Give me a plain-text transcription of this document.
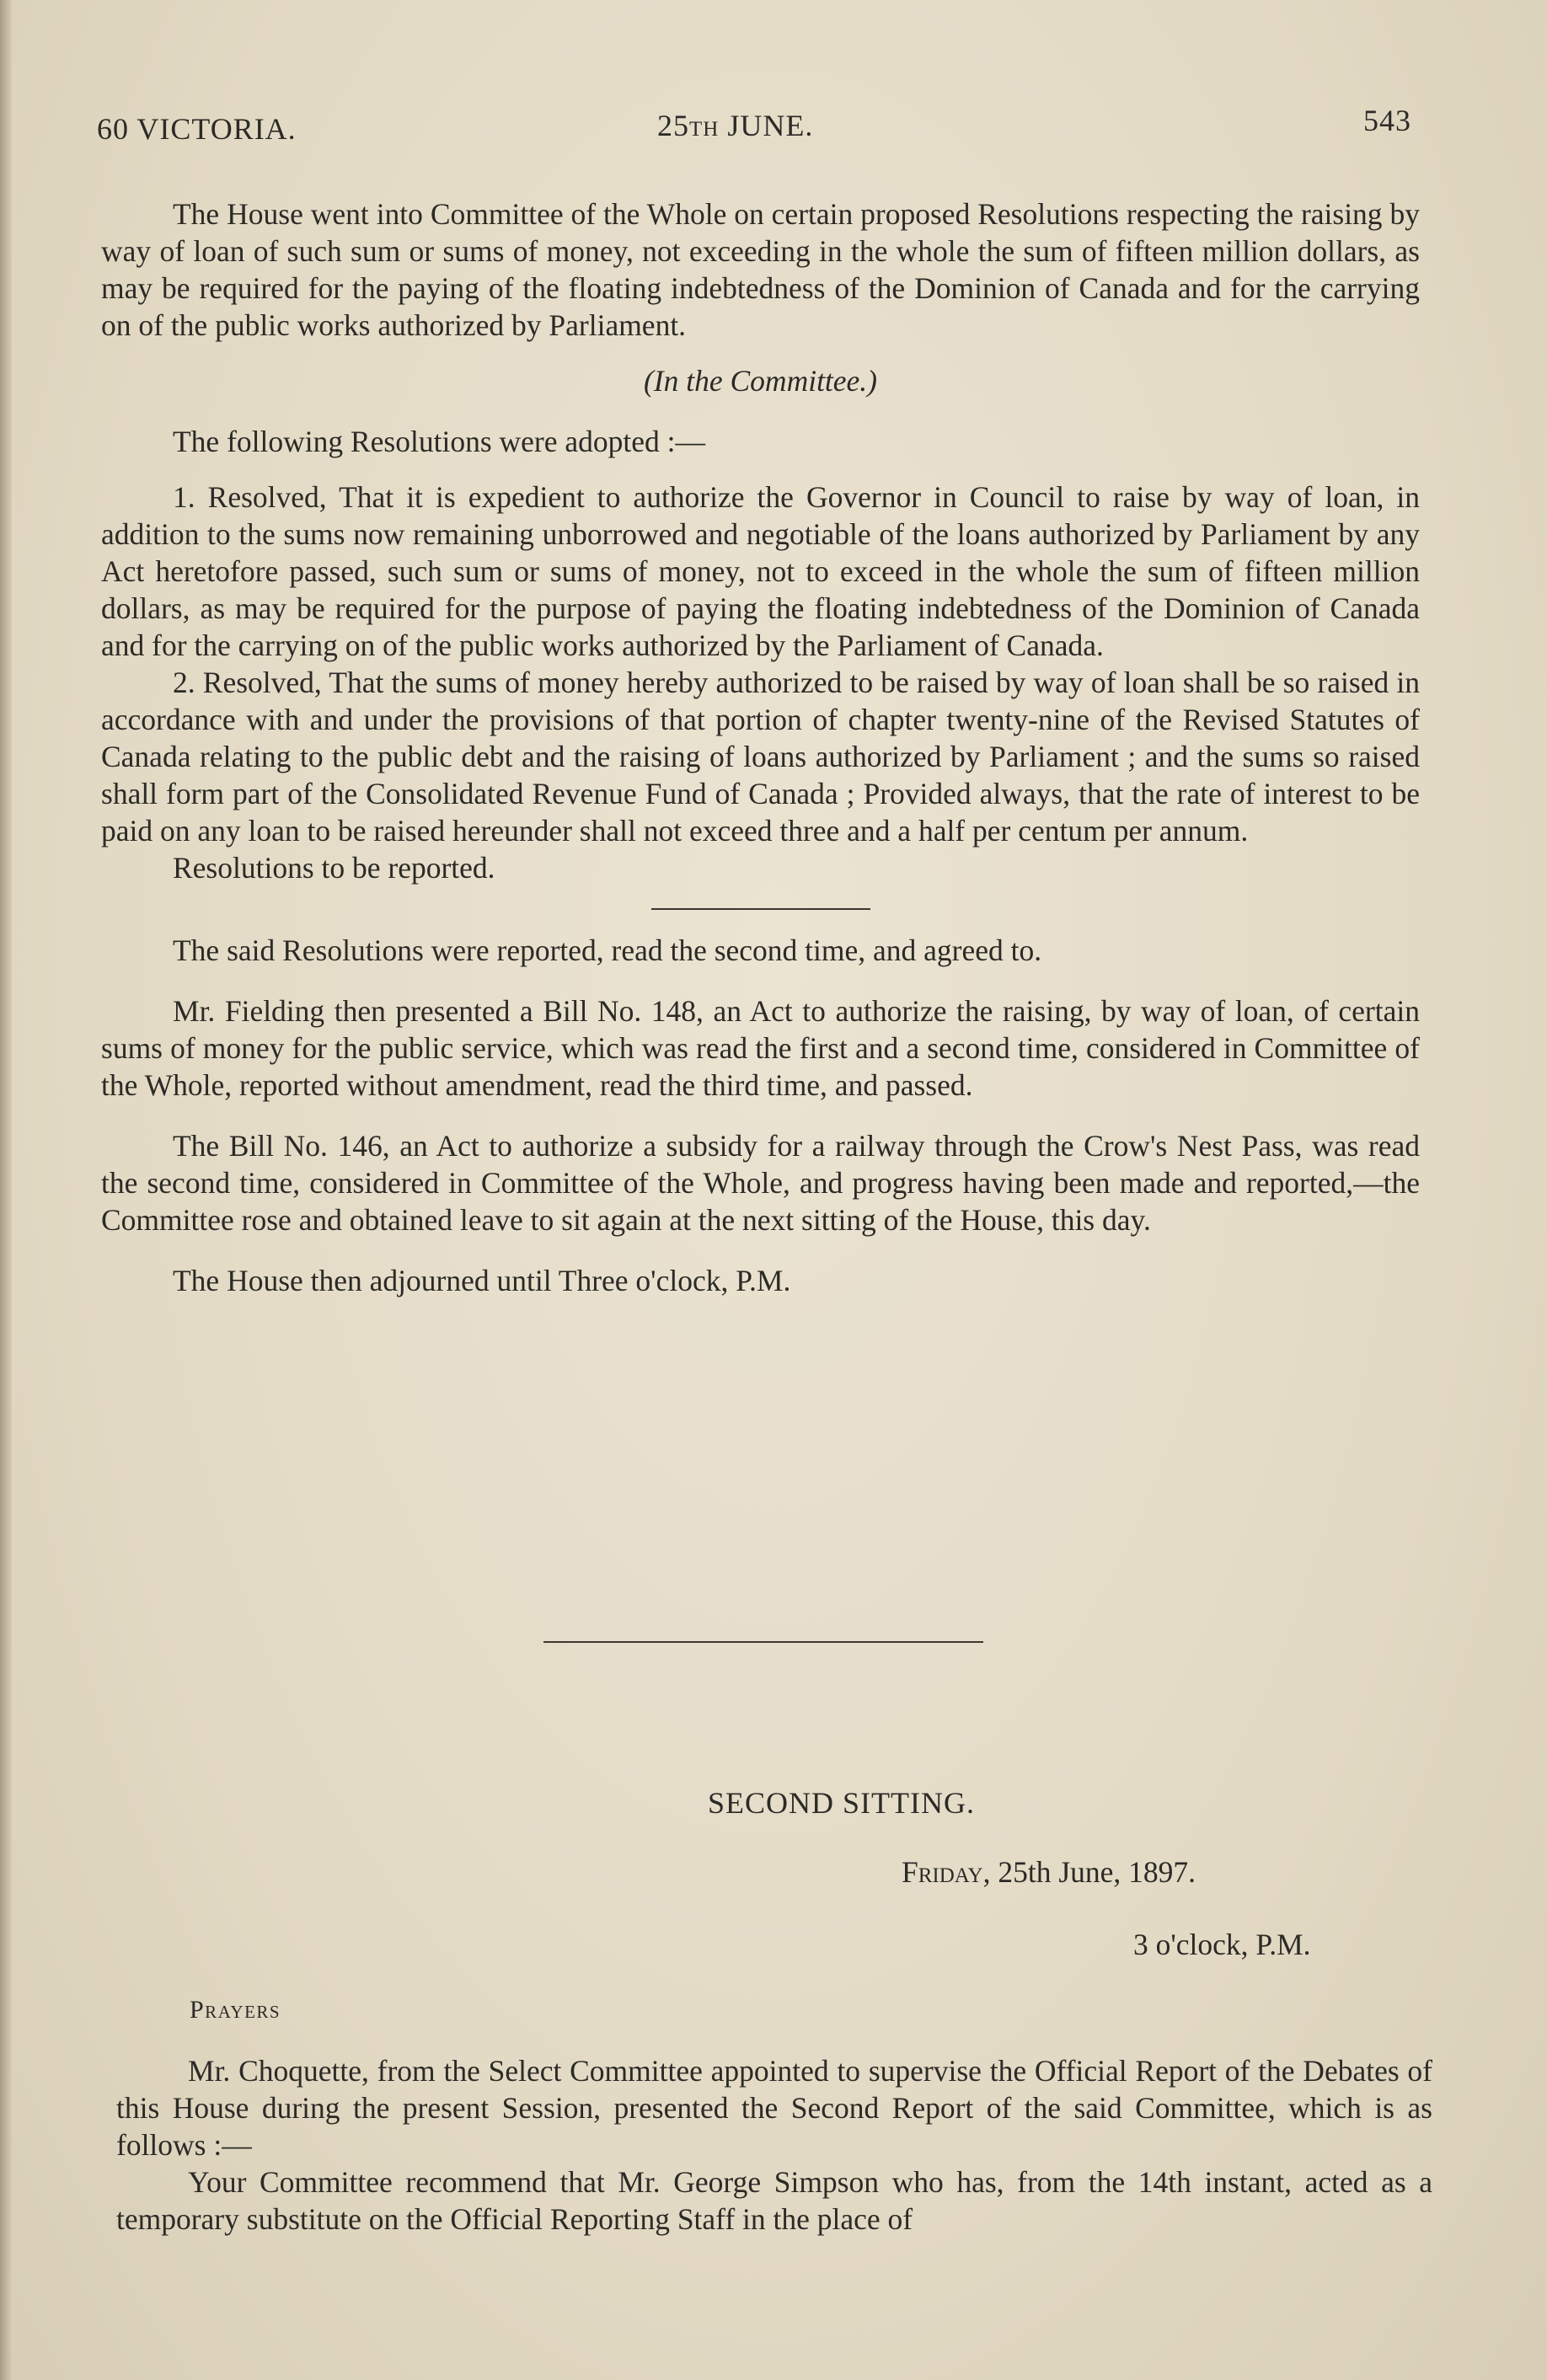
60 VICTORIA.	25th JUNE.	543

The House went into Committee of the Whole on certain proposed Resolutions respecting the raising by way of loan of such sum or sums of money, not exceeding in the whole the sum of fifteen million dollars, as may be required for the paying of the floating indebtedness of the Dominion of Canada and for the carrying on of the public works authorized by Parliament.

(In the Committee.)

The following Resolutions were adopted :—

1. Resolved, That it is expedient to authorize the Governor in Council to raise by way of loan, in addition to the sums now remaining unborrowed and negotiable of the loans authorized by Parliament by any Act heretofore passed, such sum or sums of money, not to exceed in the whole the sum of fifteen million dollars, as may be required for the purpose of paying the floating indebtedness of the Dominion of Canada and for the carrying on of the public works authorized by the Parliament of Canada.

2. Resolved, That the sums of money hereby authorized to be raised by way of loan shall be so raised in accordance with and under the provisions of that portion of chapter twenty-nine of the Revised Statutes of Canada relating to the public debt and the raising of loans authorized by Parliament ; and the sums so raised shall form part of the Consolidated Revenue Fund of Canada ; Provided always, that the rate of interest to be paid on any loan to be raised hereunder shall not exceed three and a half per centum per annum.

Resolutions to be reported.

The said Resolutions were reported, read the second time, and agreed to.

Mr. Fielding then presented a Bill No. 148, an Act to authorize the raising, by way of loan, of certain sums of money for the public service, which was read the first and a second time, considered in Committee of the Whole, reported without amendment, read the third time, and passed.

The Bill No. 146, an Act to authorize a subsidy for a railway through the Crow's Nest Pass, was read the second time, considered in Committee of the Whole, and progress having been made and reported,—the Committee rose and obtained leave to sit again at the next sitting of the House, this day.

The House then adjourned until Three o'clock, P.M.

SECOND SITTING.
Friday, 25th June, 1897.
3 o'clock, P.M.
Prayers

Mr. Choquette, from the Select Committee appointed to supervise the Official Report of the Debates of this House during the present Session, presented the Second Report of the said Committee, which is as follows :—

Your Committee recommend that Mr. George Simpson who has, from the 14th instant, acted as a temporary substitute on the Official Reporting Staff in the place of
